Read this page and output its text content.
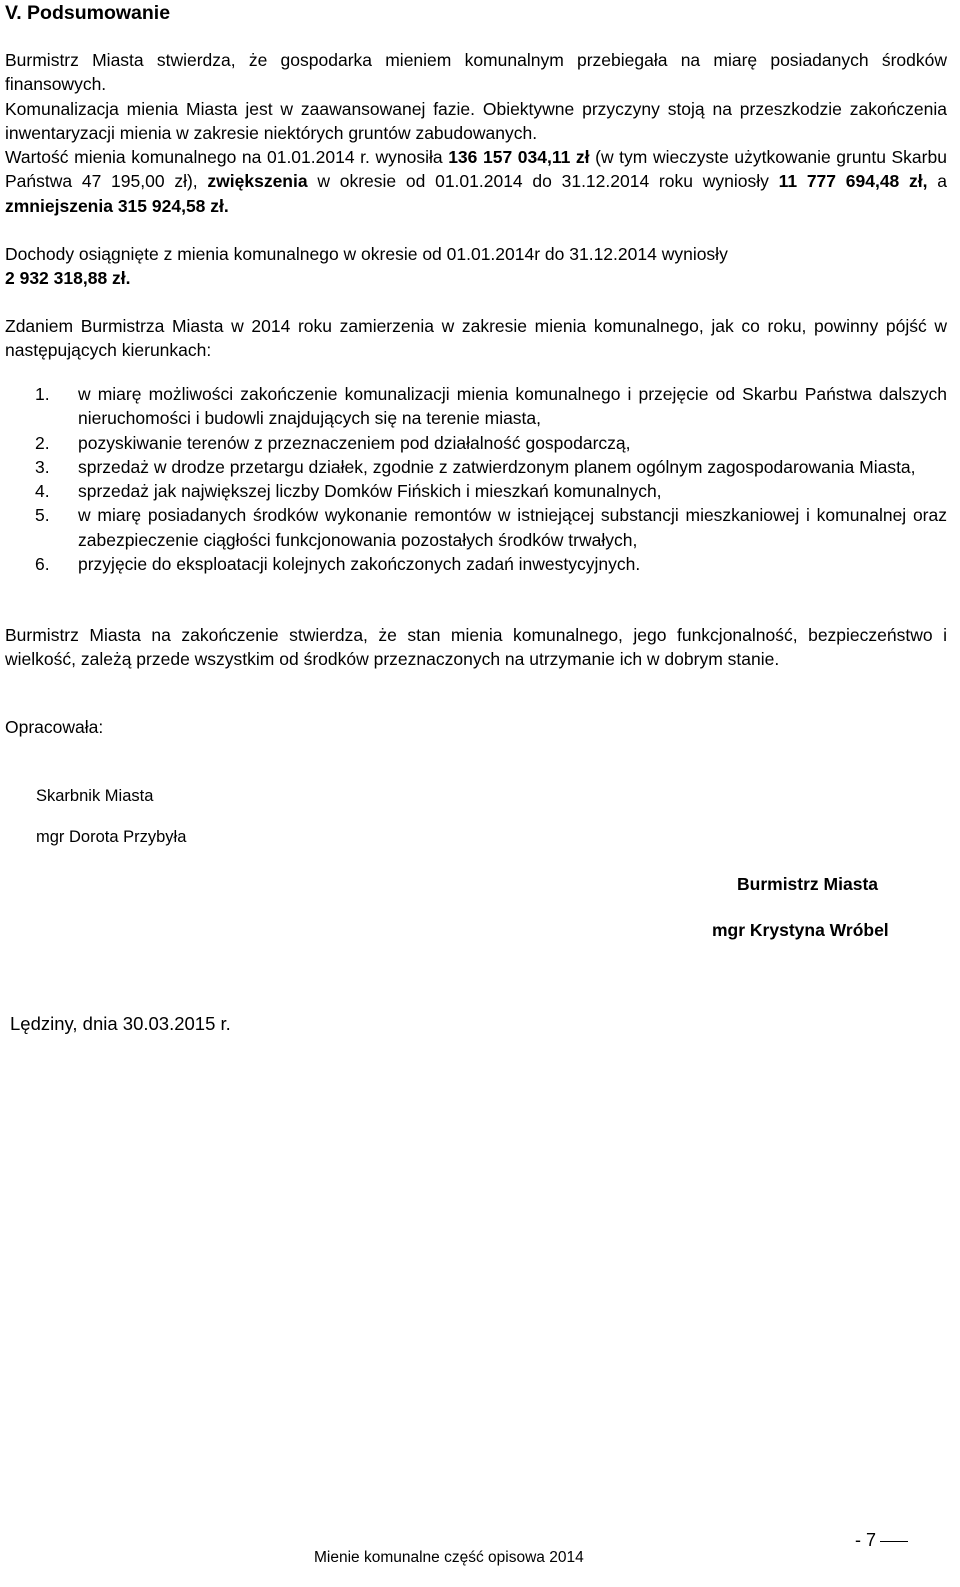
V. Podsumowanie

Burmistrz Miasta stwierdza, że gospodarka mieniem komunalnym przebiegała na miarę posiadanych środków finansowych.
Komunalizacja mienia Miasta jest w zaawansowanej fazie. Obiektywne przyczyny stoją na przeszkodzie zakończenia inwentaryzacji mienia w zakresie niektórych gruntów zabudowanych.
Wartość mienia komunalnego na 01.01.2014 r. wynosiła 136 157 034,11 zł (w tym wieczyste użytkowanie gruntu Skarbu Państwa 47 195,00 zł), zwiększenia w okresie od 01.01.2014 do 31.12.2014 roku wyniosły 11 777 694,48 zł, a zmniejszenia 315 924,58 zł.

Dochody osiągnięte z mienia komunalnego w okresie od 01.01.2014r do 31.12.2014 wyniosły
2 932 318,88 zł.

Zdaniem Burmistrza Miasta w 2014 roku zamierzenia w zakresie mienia komunalnego, jak co roku, powinny pójść w następujących kierunkach:

1. w miarę możliwości zakończenie komunalizacji mienia komunalnego i przejęcie od Skarbu Państwa dalszych nieruchomości i budowli znajdujących się na terenie miasta,
2. pozyskiwanie terenów z przeznaczeniem pod działalność gospodarczą,
3. sprzedaż w drodze przetargu działek, zgodnie z zatwierdzonym planem ogólnym zagospodarowania Miasta,
4. sprzedaż jak największej liczby Domków Fińskich i mieszkań komunalnych,
5. w miarę posiadanych środków wykonanie remontów w istniejącej substancji mieszkaniowej i komunalnej oraz zabezpieczenie ciągłości funkcjonowania pozostałych środków trwałych,
6. przyjęcie do eksploatacji kolejnych zakończonych zadań inwestycyjnych.

Burmistrz Miasta na zakończenie stwierdza, że stan mienia komunalnego, jego funkcjonalność, bezpieczeństwo i wielkość, zależą przede wszystkim od środków przeznaczonych na utrzymanie ich w dobrym stanie.

Opracowała:

Skarbnik Miasta

mgr Dorota Przybyła

Burmistrz Miasta

mgr Krystyna Wróbel

Lędziny, dnia 30.03.2015 r.

- 7

Mienie komunalne część opisowa 2014
